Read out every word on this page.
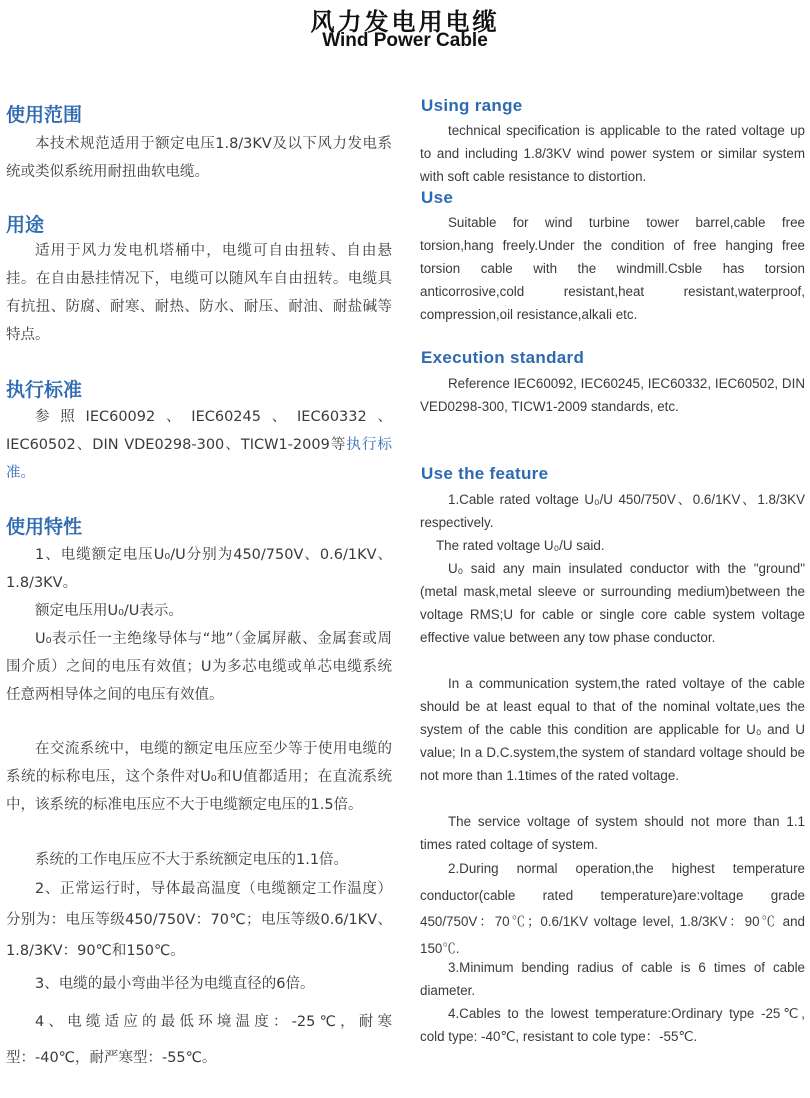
风力发电用电缆
Wind Power Cable
使用范围

本技术规范适用于额定电压1.8/3KV及以下风力发电系统或类似系统用耐扭曲软电缆。

用途

适用于风力发电机塔桶中，电缆可自由扭转、自由悬挂。在自由悬挂情况下，电缆可以随风车自由扭转。电缆具有抗扭、防腐、耐寒、耐热、防水、耐压、耐油、耐盐碱等特点。

执行标准

参照IEC60092、IEC60245、IEC60332、IEC60502、DIN VDE0298-300、TICW1-2009等执行标准。

使用特性

1、电缆额定电压U₀/U分别为450/750V、0.6/1KV、1.8/3KV。

额定电压用U₀/U表示。

U₀表示任一主绝缘导体与“地”（金属屏蔽、金属套或周围介质）之间的电压有效值；U为多芯电缆或单芯电缆系统任意两相导体之间的电压有效值。

在交流系统中，电缆的额定电压应至少等于使用电缆的系统的标称电压，这个条件对U₀和U值都适用；在直流系统中，该系统的标准电压应不大于电缆额定电压的1.5倍。

系统的工作电压应不大于系统额定电压的1.1倍。

2、正常运行时，导体最高温度（电缆额定工作温度）分别为：电压等级450/750V：70℃；电压等级0.6/1KV、1.8/3KV：90℃和150℃。

3、电缆的最小弯曲半径为电缆直径的6倍。

4、电缆适应的最低环境温度：-25℃，耐寒型：-40℃，耐严寒型：-55℃。

Using range

technical specification is applicable to the rated voltage up to and including 1.8/3KV wind power system or similar system with soft cable resistance to distortion.

Use

Suitable for wind turbine tower barrel,cable free torsion,hang freely.Under the condition of free hanging free torsion cable with the windmill.Csble has torsion anticorrosive,cold resistant,heat resistant,waterproof, compression,oil resistance,alkali etc.

Execution standard

Reference IEC60092, IEC60245, IEC60332, IEC60502, DIN VED0298-300, TICW1-2009 standards, etc.

Use the feature

1.Cable rated voltage U₀/U 450/750V、0.6/1KV、1.8/3KV respectively.

The rated voltage U₀/U said.

U₀ said any main insulated conductor with the "ground"(metal mask,metal sleeve or surrounding medium)between the voltage RMS;U for cable or single core cable system voltage effective value between any tow phase conductor.

In a communication system,the rated voltaye of the cable should be at least equal to that of the nominal voltate,ues the system of the cable this condition are applicable for U₀ and U value; In a D.C.system,the system of standard voltage should be not more than 1.1times of the rated voltage.

The service voltage of system should not more than 1.1 times rated coltage of system.

2.During normal operation,the highest temperature conductor(cable rated temperature)are:voltage grade 450/750V：70℃；0.6/1KV voltage level, 1.8/3KV：90℃ and 150℃.

3.Minimum bending radius of cable is 6 times of cable diameter.

4.Cables to the lowest temperature:Ordinary type -25℃, cold type: -40℃, resistant to cole type：-55℃.
